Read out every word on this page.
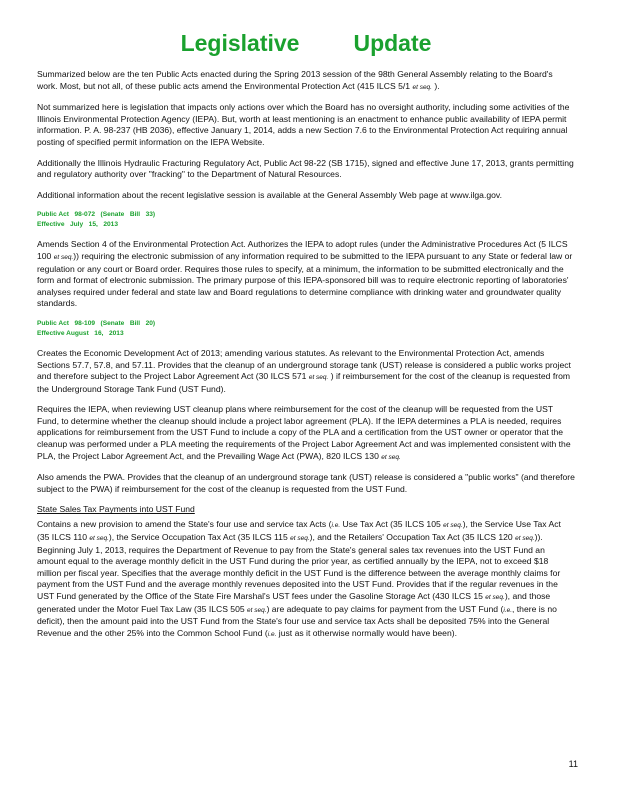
Legislative Update

Summarized below are the ten Public Acts enacted during the Spring 2013 session of the 98th General Assembly relating to the Board's work. Most, but not all, of these public acts amend the Environmental Protection Act (415 ILCS 5/1 et seq. ).

Not summarized here is legislation that impacts only actions over which the Board has no oversight authority, including some activities of the Illinois Environmental Protection Agency (IEPA). But, worth at least mentioning is an enactment to enhance public availability of IEPA permit information. P. A. 98-237 (HB 2036), effective January 1, 2014, adds a new Section 7.6 to the Environmental Protection Act requiring annual posting of specified permit information on the IEPA Website.

Additionally the Illinois Hydraulic Fracturing Regulatory Act, Public Act 98-22 (SB 1715), signed and effective June 17, 2013, grants permitting and regulatory authority over "fracking" to the Department of Natural Resources.

Additional information about the recent legislative session is available at the General Assembly Web page at www.ilga.gov.

Public Act   98-072   (Senate   Bill   33)
Effective   July   15,   2013

Amends Section 4 of the Environmental Protection Act. Authorizes the IEPA to adopt rules (under the Administrative Procedures Act (5 ILCS 100 et seq.)) requiring the electronic submission of any information required to be submitted to the IEPA pursuant to any State or federal law or regulation or any court or Board order. Requires those rules to specify, at a minimum, the information to be submitted electronically and the form and format of electronic submission. The primary purpose of this IEPA-sponsored bill was to require electronic reporting of laboratories' analyses required under federal and state law and Board regulations to determine compliance with drinking water and groundwater quality standards.

Public Act   98-109   (Senate   Bill   20)
Effective August   16,   2013

Creates the Economic Development Act of 2013; amending various statutes. As relevant to the Environmental Protection Act, amends Sections 57.7, 57.8, and 57.11. Provides that the cleanup of an underground storage tank (UST) release is considered a public works project and therefore subject to the Project Labor Agreement Act (30 ILCS 571 et seq. ) if reimbursement for the cost of the cleanup is requested from the Underground Storage Tank Fund (UST Fund).

Requires the IEPA, when reviewing UST cleanup plans where reimbursement for the cost of the cleanup will be requested from the UST Fund, to determine whether the cleanup should include a project labor agreement (PLA). If the IEPA determines a PLA is needed, requires applications for reimbursement from the UST Fund to include a copy of the PLA and a certification from the UST owner or operator that the cleanup was performed under a PLA meeting the requirements of the Project Labor Agreement Act and was implemented consistent with the PLA, the Project Labor Agreement Act, and the Prevailing Wage Act (PWA), 820 ILCS 130 et seq.

Also amends the PWA. Provides that the cleanup of an underground storage tank (UST) release is considered a "public works" (and therefore subject to the PWA) if reimbursement for the cost of the cleanup is requested from the UST Fund.

State Sales Tax Payments into UST Fund

Contains a new provision to amend the State's four use and service tax Acts (i.e. Use Tax Act (35 ILCS 105 et seq.), the Service Use Tax Act (35 ILCS 110 et seq.), the Service Occupation Tax Act (35 ILCS 115 et seq.), and the Retailers' Occupation Tax Act (35 ILCS 120 et seq.)). Beginning July 1, 2013, requires the Department of Revenue to pay from the State's general sales tax revenues into the UST Fund an amount equal to the average monthly deficit in the UST Fund during the prior year, as certified annually by the IEPA, not to exceed $18 million per fiscal year. Specifies that the average monthly deficit in the UST Fund is the difference between the average monthly claims for payment from the UST Fund and the average monthly revenues deposited into the UST Fund. Provides that if the regular revenues in the UST Fund generated by the Office of the State Fire Marshal's UST fees under the Gasoline Storage Act (430 ILCS 15 et seq.), and those generated under the Motor Fuel Tax Law (35 ILCS 505 et seq.) are adequate to pay claims for payment from the UST Fund (i.e., there is no deficit), then the amount paid into the UST Fund from the State's four use and service tax Acts shall be deposited 75% into the General Revenue and the other 25% into the Common School Fund (i.e. just as it otherwise normally would have been).

11
